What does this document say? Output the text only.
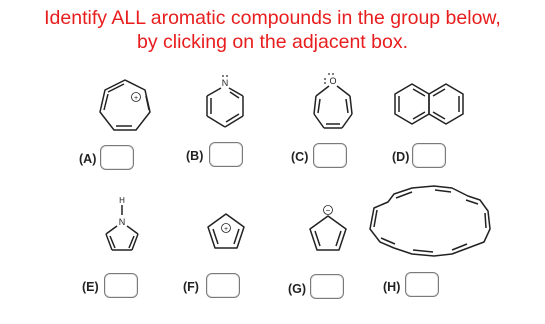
Identify ALL aromatic compounds in the group below,
by clicking on the adjacent box.
+
N	O
H
N
+
−
(A)	(B)	(C)	(D)
(E)	(F)	(G)	(H)
